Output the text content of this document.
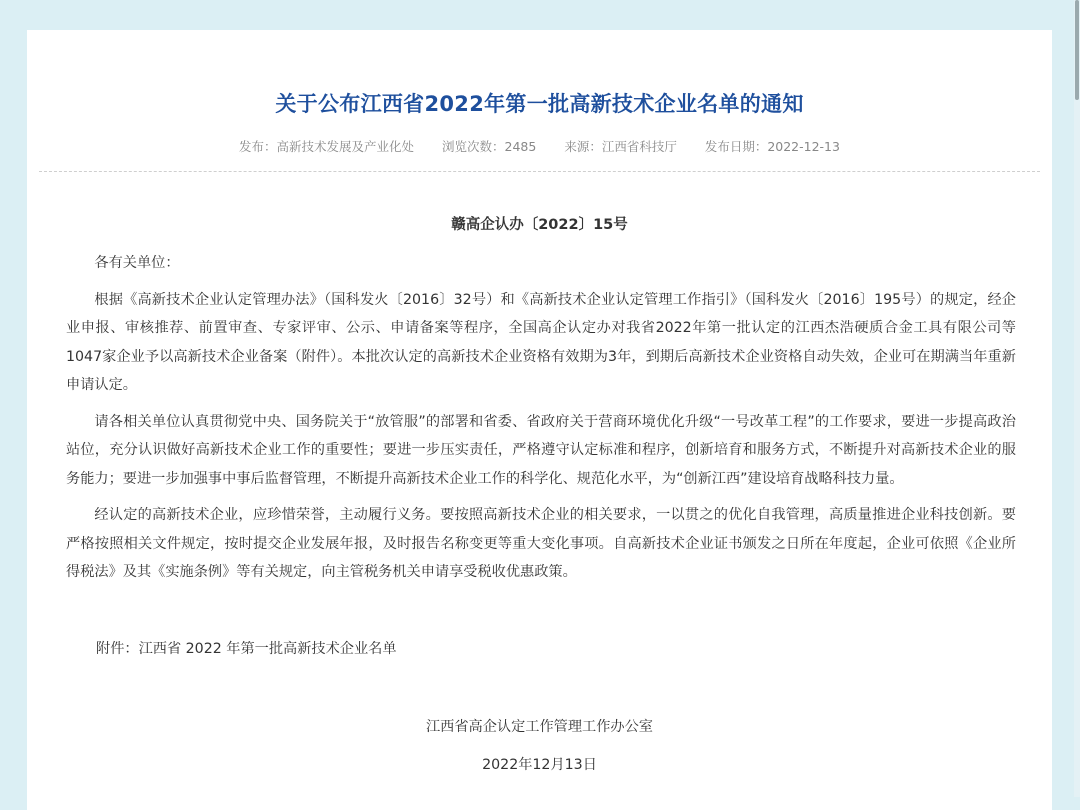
关于公布江西省2022年第一批高新技术企业名单的通知
发布：高新技术发展及产业化处 浏览次数：2485 来源：江西省科技厅 发布日期：2022-12-13
赣高企认办〔2022〕15号

各有关单位：

根据《高新技术企业认定管理办法》（国科发火〔2016〕32号）和《高新技术企业认定管理工作指引》（国科发火〔2016〕195号）的规定，经企业申报、审核推荐、前置审查、专家评审、公示、申请备案等程序，全国高企认定办对我省2022年第一批认定的江西杰浩硬质合金工具有限公司等1047家企业予以高新技术企业备案（附件）。本批次认定的高新技术企业资格有效期为3年，到期后高新技术企业资格自动失效，企业可在期满当年重新申请认定。

请各相关单位认真贯彻党中央、国务院关于“放管服”的部署和省委、省政府关于营商环境优化升级“一号改革工程”的工作要求，要进一步提高政治站位，充分认识做好高新技术企业工作的重要性；要进一步压实责任，严格遵守认定标准和程序，创新培育和服务方式，不断提升对高新技术企业的服务能力；要进一步加强事中事后监督管理，不断提升高新技术企业工作的科学化、规范化水平，为“创新江西”建设培育战略科技力量。

经认定的高新技术企业，应珍惜荣誉，主动履行义务。要按照高新技术企业的相关要求，一以贯之的优化自我管理，高质量推进企业科技创新。要严格按照相关文件规定，按时提交企业发展年报，及时报告名称变更等重大变化事项。自高新技术企业证书颁发之日所在年度起，企业可依照《企业所得税法》及其《实施条例》等有关规定，向主管税务机关申请享受税收优惠政策。

附件：江西省 2022 年第一批高新技术企业名单
江西省高企认定工作管理工作办公室
2022年12月13日
